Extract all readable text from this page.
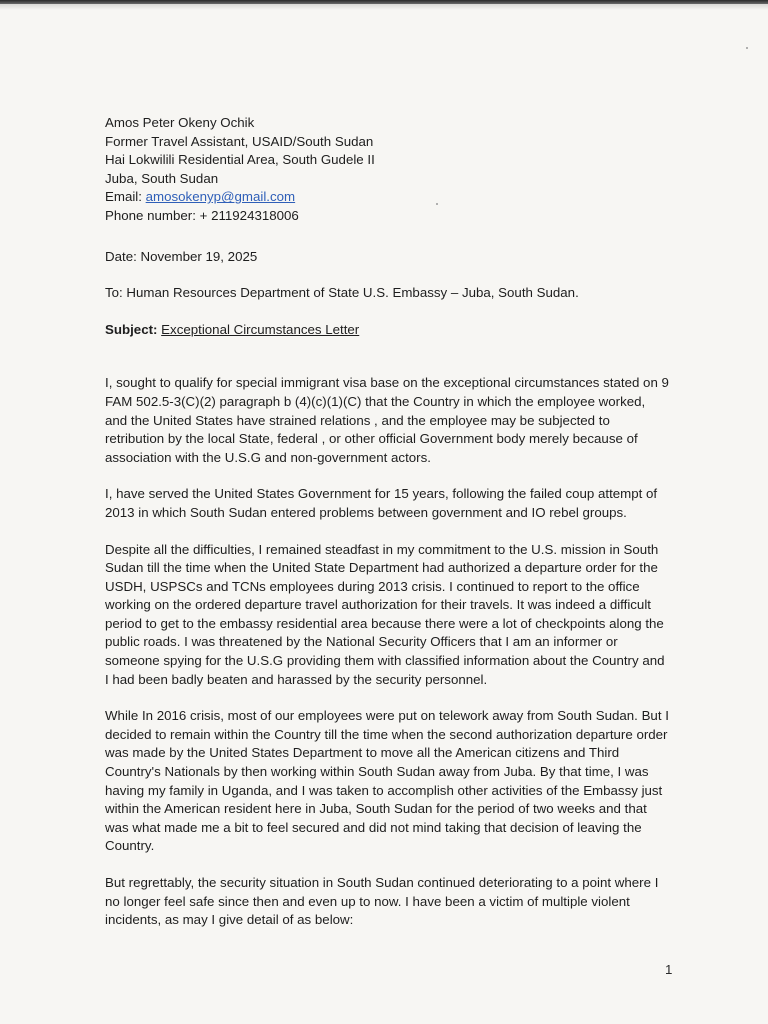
Amos Peter Okeny Ochik
Former Travel Assistant, USAID/South Sudan
Hai Lokwilili Residential Area, South Gudele II
Juba, South Sudan
Email: amosokenyp@gmail.com
Phone number: + 211924318006
Date: November 19, 2025
To: Human Resources Department of State U.S. Embassy – Juba, South Sudan.
Subject: Exceptional Circumstances Letter

I, sought to qualify for special immigrant visa base on the exceptional circumstances stated on 9
FAM 502.5-3(C)(2) paragraph b (4)(c)(1)(C) that the Country in which the employee worked,
and the United States have strained relations , and the employee may be subjected to
retribution by the local State, federal , or other official Government body merely because of
association with the U.S.G and non-government actors.

I, have served the United States Government for 15 years, following the failed coup attempt of
2013 in which South Sudan entered problems between government and IO rebel groups.

Despite all the difficulties, I remained steadfast in my commitment to the U.S. mission in South
Sudan till the time when the United State Department had authorized a departure order for the
USDH, USPSCs and TCNs employees during 2013 crisis. I continued to report to the office
working on the ordered departure travel authorization for their travels. It was indeed a difficult
period to get to the embassy residential area because there were a lot of checkpoints along the
public roads. I was threatened by the National Security Officers that I am an informer or
someone spying for the U.S.G providing them with classified information about the Country and
I had been badly beaten and harassed by the security personnel.

While In 2016 crisis, most of our employees were put on telework away from South Sudan. But I
decided to remain within the Country till the time when the second authorization departure order
was made by the United States Department to move all the American citizens and Third
Country's Nationals by then working within South Sudan away from Juba. By that time, I was
having my family in Uganda, and I was taken to accomplish other activities of the Embassy just
within the American resident here in Juba, South Sudan for the period of two weeks and that
was what made me a bit to feel secured and did not mind taking that decision of leaving the
Country.

But regrettably, the security situation in South Sudan continued deteriorating to a point where I
no longer feel safe since then and even up to now. I have been a victim of multiple violent
incidents, as may I give detail of as below:

1
